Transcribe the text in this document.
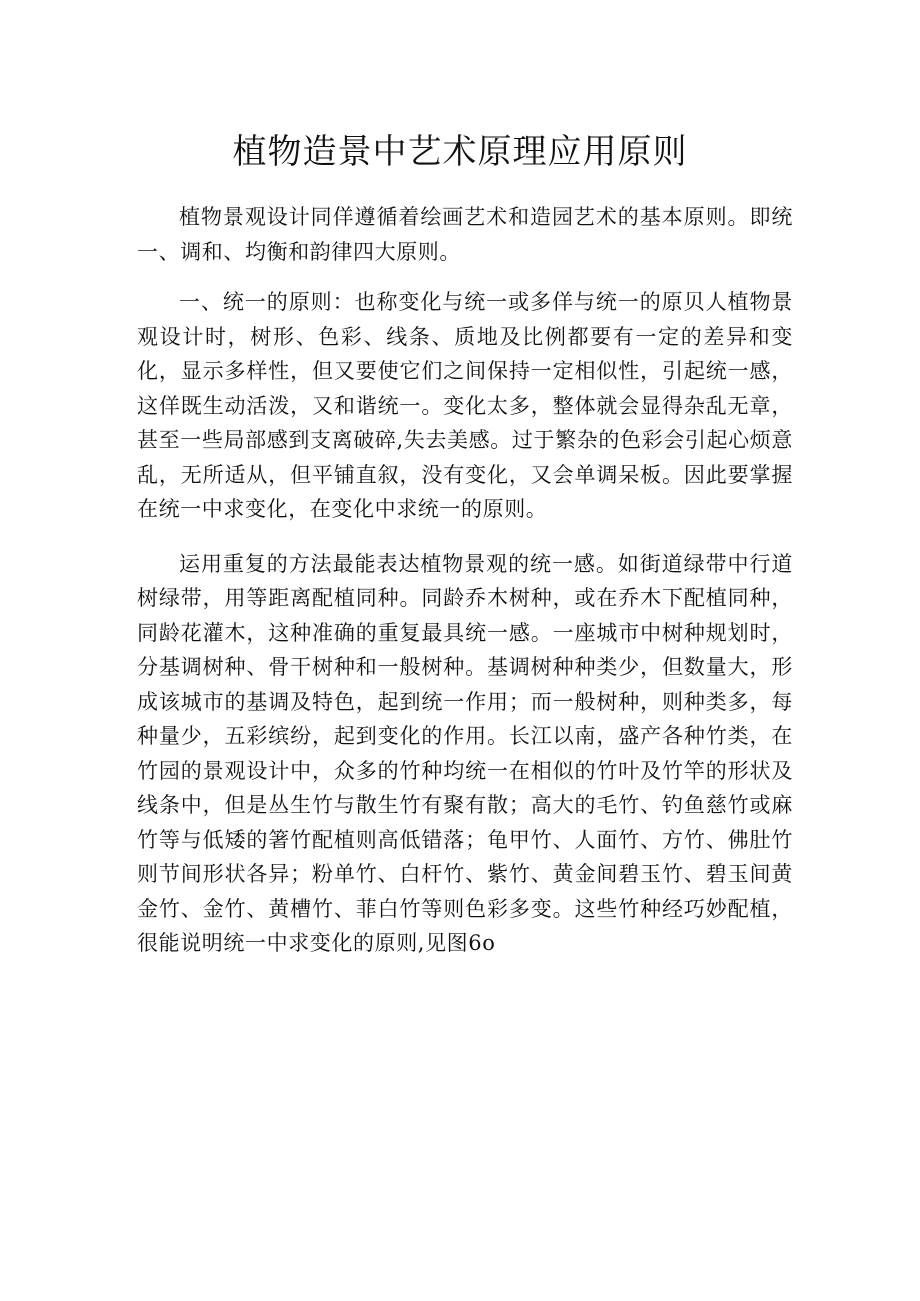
植物造景中艺术原理应用原则

植物景观设计同佯遵循着绘画艺术和造园艺术的基本原则。即统一、调和、均衡和韵律四大原则。

一、统一的原则：也称变化与统一或多佯与统一的原贝人植物景观设计时，树形、色彩、线条、质地及比例都要有一定的差异和变化，显示多样性，但又要使它们之间保持一定相似性，引起统一感，这佯既生动活泼，又和谐统一。变化太多，整体就会显得杂乱无章，甚至一些局部感到支离破碎,失去美感。过于繁杂的色彩会引起心烦意乱，无所适从，但平铺直叙，没有变化，又会单调呆板。因此要掌握在统一中求变化，在变化中求统一的原则。

运用重复的方法最能表达植物景观的统一感。如街道绿带中行道树绿带，用等距离配植同种。同龄乔木树种，或在乔木下配植同种，同龄花灌木，这种准确的重复最具统一感。一座城市中树种规划时，分基调树种、骨干树种和一般树种。基调树种种类少，但数量大，形成该城市的基调及特色，起到统一作用；而一般树种，则种类多，每种量少，五彩缤纷，起到变化的作用。长江以南，盛产各种竹类，在竹园的景观设计中，众多的竹种均统一在相似的竹叶及竹竿的形状及线条中，但是丛生竹与散生竹有聚有散；高大的毛竹、钓鱼慈竹或麻竹等与低矮的箸竹配植则高低错落；龟甲竹、人面竹、方竹、佛肚竹则节间形状各异；粉单竹、白杆竹、紫竹、黄金间碧玉竹、碧玉间黄金竹、金竹、黄槽竹、菲白竹等则色彩多变。这些竹种经巧妙配植，很能说明统一中求变化的原则,见图6o
